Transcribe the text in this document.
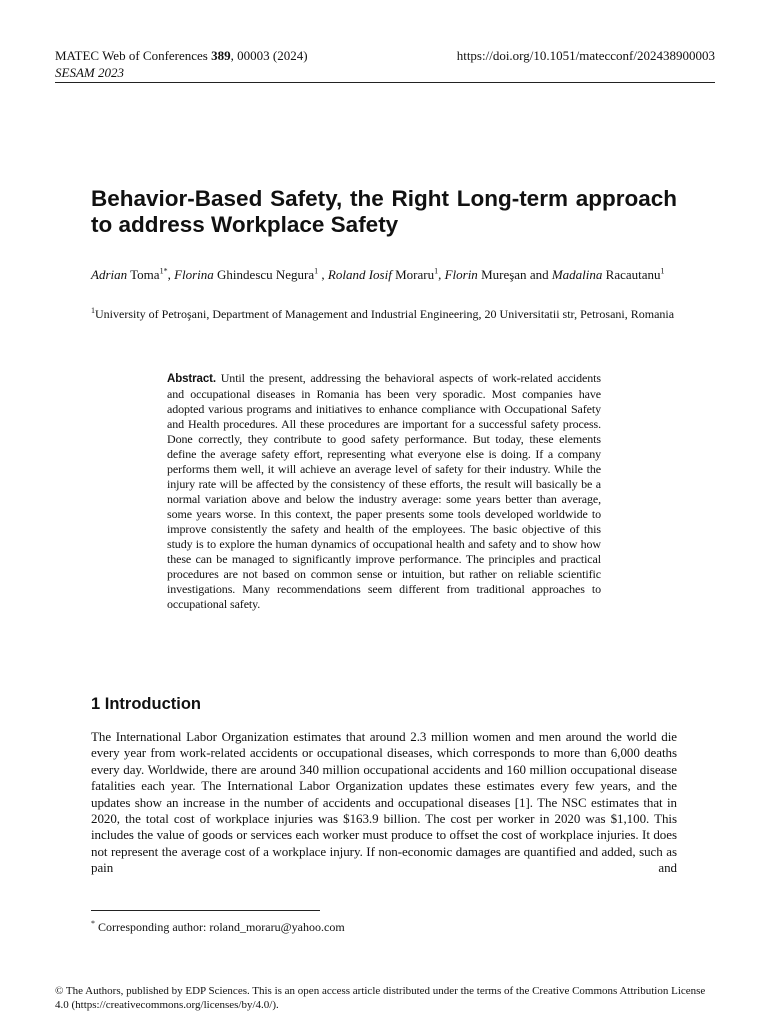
MATEC Web of Conferences 389, 00003 (2024)
SESAM 2023
https://doi.org/10.1051/matecconf/202438900003
Behavior-Based Safety, the Right Long-term approach to address Workplace Safety
Adrian Toma$^{1*}$, Florina Ghindescu Negura$^1$ , Roland Iosif Moraru$^1$, Florin Mureşan and Madalina Racautanu$^1$
$^1$University of Petroşani, Department of Management and Industrial Engineering, 20 Universitatii str, Petrosani, Romania
Abstract. Until the present, addressing the behavioral aspects of work-related accidents and occupational diseases in Romania has been very sporadic. Most companies have adopted various programs and initiatives to enhance compliance with Occupational Safety and Health procedures. All these procedures are important for a successful safety process. Done correctly, they contribute to good safety performance. But today, these elements define the average safety effort, representing what everyone else is doing. If a company performs them well, it will achieve an average level of safety for their industry. While the injury rate will be affected by the consistency of these efforts, the result will basically be a normal variation above and below the industry average: some years better than average, some years worse. In this context, the paper presents some tools developed worldwide to improve consistently the safety and health of the employees. The basic objective of this study is to explore the human dynamics of occupational health and safety and to show how these can be managed to significantly improve performance. The principles and practical procedures are not based on common sense or intuition, but rather on reliable scientific investigations. Many recommendations seem different from traditional approaches to occupational safety.
1 Introduction
The International Labor Organization estimates that around 2.3 million women and men around the world die every year from work-related accidents or occupational diseases, which corresponds to more than 6,000 deaths every day. Worldwide, there are around 340 million occupational accidents and 160 million occupational disease fatalities each year. The International Labor Organization updates these estimates every few years, and the updates show an increase in the number of accidents and occupational diseases [1]. The NSC estimates that in 2020, the total cost of workplace injuries was $163.9 billion. The cost per worker in 2020 was $1,100. This includes the value of goods or services each worker must produce to offset the cost of workplace injuries. It does not represent the average cost of a workplace injury. If non-economic damages are quantified and added, such as pain and
* Corresponding author: roland_moraru@yahoo.com
© The Authors, published by EDP Sciences. This is an open access article distributed under the terms of the Creative Commons Attribution License 4.0 (https://creativecommons.org/licenses/by/4.0/).
